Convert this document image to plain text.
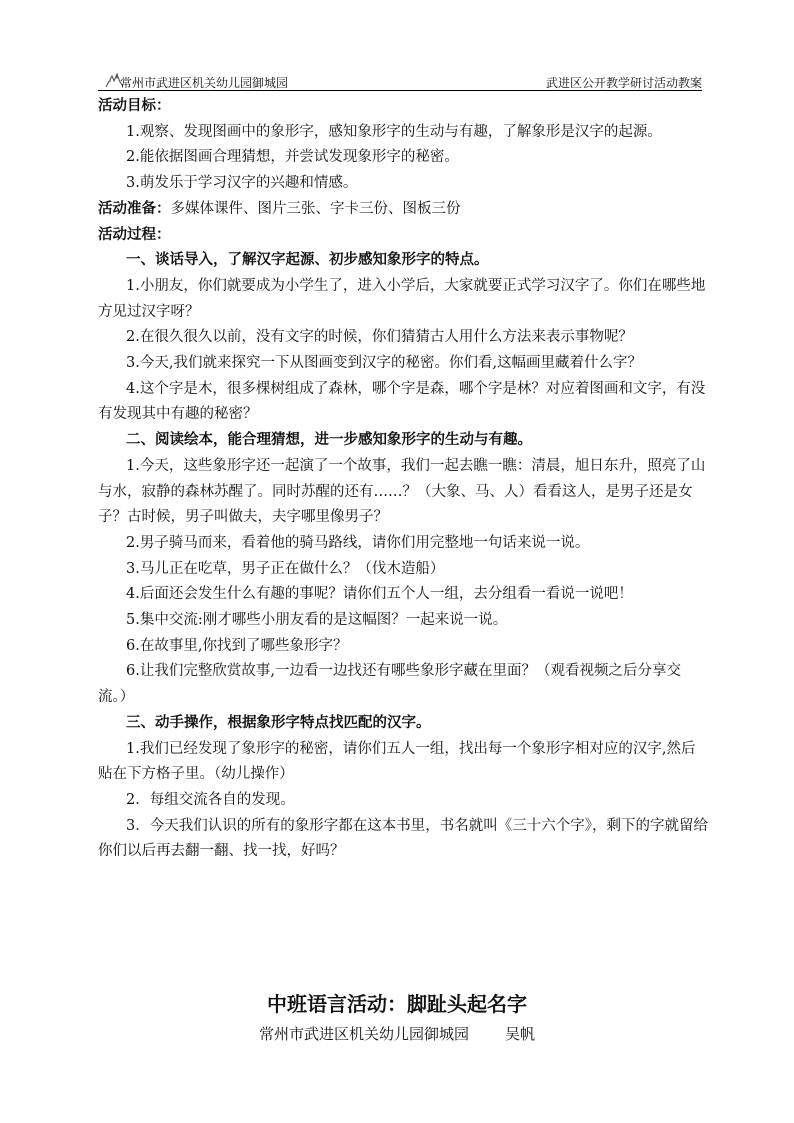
常州市武进区机关幼儿园御城园	武进区公开教学研讨活动教案

活动目标：

1.观察、发现图画中的象形字，感知象形字的生动与有趣，了解象形是汉字的起源。

2.能依据图画合理猜想，并尝试发现象形字的秘密。

3.萌发乐于学习汉字的兴趣和情感。

活动准备：多媒体课件、图片三张、字卡三份、图板三份

活动过程：

一、谈话导入，了解汉字起源、初步感知象形字的特点。

1.小朋友，你们就要成为小学生了，进入小学后，大家就要正式学习汉字了。你们在哪些地方见过汉字呀？

2.在很久很久以前，没有文字的时候，你们猜猜古人用什么方法来表示事物呢？

3.今天,我们就来探究一下从图画变到汉字的秘密。你们看,这幅画里藏着什么字？

4.这个字是木，很多棵树组成了森林，哪个字是森，哪个字是林？对应着图画和文字，有没有发现其中有趣的秘密？

二、阅读绘本，能合理猜想，进一步感知象形字的生动与有趣。

1.今天，这些象形字还一起演了一个故事，我们一起去瞧一瞧：清晨，旭日东升，照亮了山与水，寂静的森林苏醒了。同时苏醒的还有……？（大象、马、人）看看这人，是男子还是女子？古时候，男子叫做夫，夫字哪里像男子？

2.男子骑马而来，看着他的骑马路线，请你们用完整地一句话来说一说。

3.马儿正在吃草，男子正在做什么？（伐木造船）

4.后面还会发生什么有趣的事呢？请你们五个人一组，去分组看一看说一说吧！

5.集中交流:刚才哪些小朋友看的是这幅图？一起来说一说。

6.在故事里,你找到了哪些象形字？

6.让我们完整欣赏故事,一边看一边找还有哪些象形字藏在里面？（观看视频之后分享交流。）

三、动手操作，根据象形字特点找匹配的汉字。

1.我们已经发现了象形字的秘密，请你们五人一组，找出每一个象形字相对应的汉字,然后贴在下方格子里。（幼儿操作）

2．每组交流各自的发现。

3．今天我们认识的所有的象形字都在这本书里，书名就叫《三十六个字》，剩下的字就留给你们以后再去翻一翻、找一找，好吗？

中班语言活动：脚趾头起名字
常州市武进区机关幼儿园御城园 吴帆
